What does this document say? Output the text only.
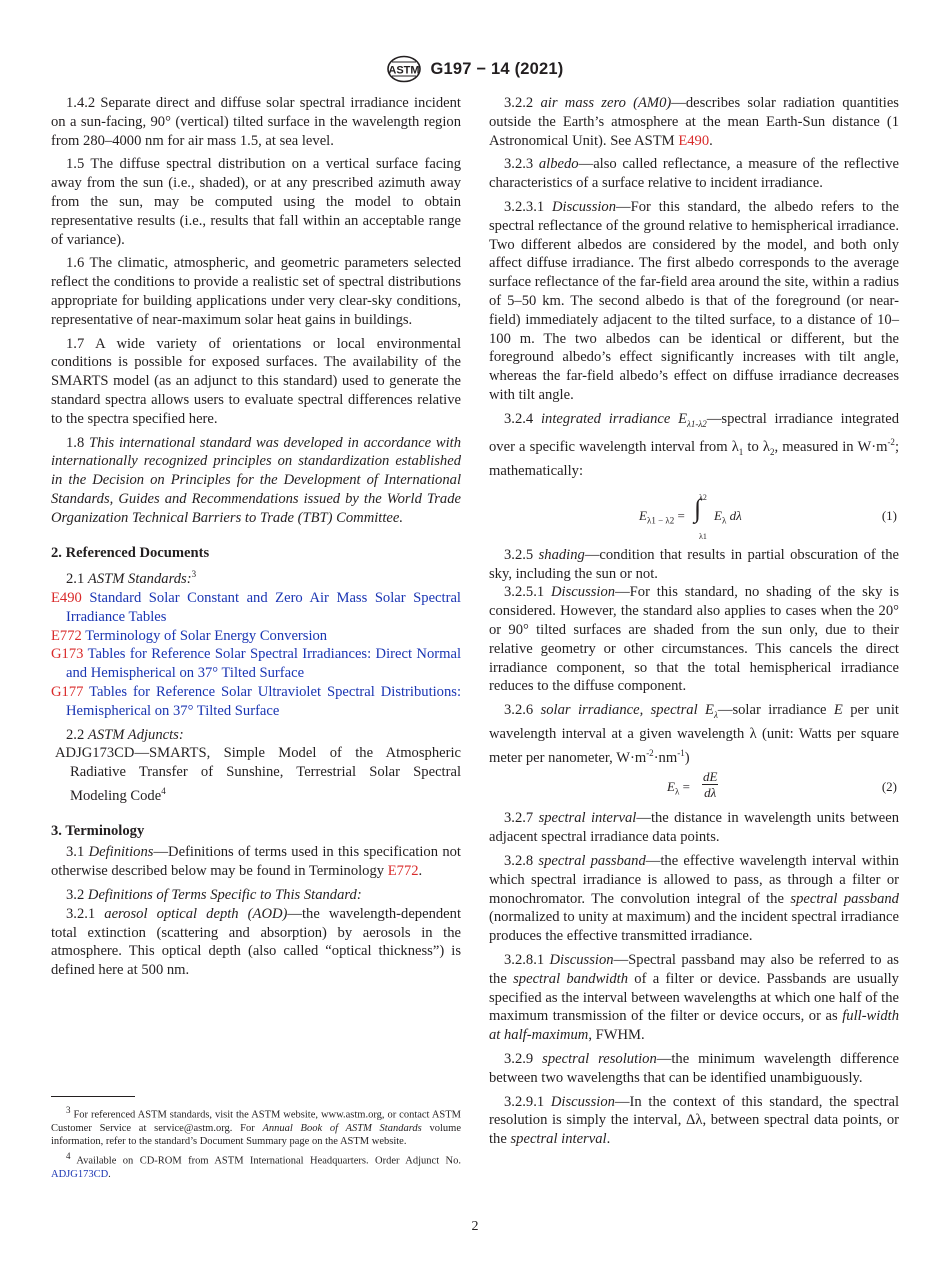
ASTM G197 − 14 (2021)

1.4.2 Separate direct and diffuse solar spectral irradiance incident on a sun-facing, 90° (vertical) tilted surface in the wavelength region from 280–4000 nm for air mass 1.5, at sea level.

1.5 The diffuse spectral distribution on a vertical surface facing away from the sun (i.e., shaded), or at any prescribed azimuth away from the sun, may be computed using the model to obtain representative results (i.e., results that fall within an acceptable range of variance).

1.6 The climatic, atmospheric, and geometric parameters selected reflect the conditions to provide a realistic set of spectral distributions appropriate for building applications under very clear-sky conditions, representative of near-maximum solar heat gains in buildings.

1.7 A wide variety of orientations or local environmental conditions is possible for exposed surfaces. The availability of the SMARTS model (as an adjunct to this standard) used to generate the standard spectra allows users to evaluate spectral differences relative to the spectra specified here.

1.8 This international standard was developed in accordance with internationally recognized principles on standardization established in the Decision on Principles for the Development of International Standards, Guides and Recommendations issued by the World Trade Organization Technical Barriers to Trade (TBT) Committee.

2. Referenced Documents

2.1 ASTM Standards:$^3$

E490 Standard Solar Constant and Zero Air Mass Solar Spectral Irradiance Tables

E772 Terminology of Solar Energy Conversion

G173 Tables for Reference Solar Spectral Irradiances: Direct Normal and Hemispherical on 37° Tilted Surface

G177 Tables for Reference Solar Ultraviolet Spectral Distributions: Hemispherical on 37° Tilted Surface

2.2 ASTM Adjuncts:

ADJG173CD—SMARTS, Simple Model of the Atmospheric Radiative Transfer of Sunshine, Terrestrial Solar Spectral Modeling Code$^4$

3. Terminology

3.1 Definitions—Definitions of terms used in this specification not otherwise described below may be found in Terminology E772.

3.2 Definitions of Terms Specific to This Standard:

3.2.1 aerosol optical depth (AOD)—the wavelength-dependent total extinction (scattering and absorption) by aerosols in the atmosphere. This optical depth (also called “optical thickness”) is defined here at 500 nm.

$^3$ For referenced ASTM standards, visit the ASTM website, www.astm.org, or contact ASTM Customer Service at service@astm.org. For Annual Book of ASTM Standards volume information, refer to the standard’s Document Summary page on the ASTM website.

$^4$ Available on CD-ROM from ASTM International Headquarters. Order Adjunct No. ADJG173CD.

3.2.2 air mass zero (AM0)—describes solar radiation quantities outside the Earth’s atmosphere at the mean Earth-Sun distance (1 Astronomical Unit). See ASTM E490.

3.2.3 albedo—also called reflectance, a measure of the reflective characteristics of a surface relative to incident irradiance.

3.2.3.1 Discussion—For this standard, the albedo refers to the spectral reflectance of the ground relative to hemispherical irradiance. Two different albedos are considered by the model, and both only affect diffuse irradiance. The first albedo corresponds to the average surface reflectance of the far-field area around the site, within a radius of 5–50 km. The second albedo is that of the foreground (or near-field) immediately adjacent to the tilted surface, to a distance of 10–100 m. The two albedos can be identical or different, but the foreground albedo’s effect significantly increases with tilt angle, whereas the far-field albedo’s effect on diffuse irradiance decreases with tilt angle.

3.2.4 integrated irradiance $E_{\lambda 1-\lambda 2}—spectral$ irradiance integrated over a specific wavelength interval from $\lambda_1$ to $\lambda_2$, measured in $W\cdot m^{-2}$; mathematically:

$E_{\lambda 1 - \lambda 2}$ =
λ2
∫
λ1
$E_\lambda$ dλ	(1)

3.2.5 shading—condition that results in partial obscuration of the sky, including the sun or not.

3.2.5.1 Discussion—For this standard, no shading of the sky is considered. However, the standard also applies to cases when the 20° or 90° tilted surfaces are shaded from the sun only, due to their relative geometry or other circumstances. This cancels the direct irradiance component, so that the total hemispherical irradiance reduces to the diffuse component.

3.2.6 solar irradiance, spectral $E_\lambda—solar$ irradiance E per unit wavelength interval at a given wavelength λ (unit: Watts per square meter per nanometer, $W\cdot m^{-2}\cdot nm^{-1}$)

$E_\lambda$ =
dE
dλ	(2)

3.2.7 spectral interval—the distance in wavelength units between adjacent spectral irradiance data points.

3.2.8 spectral passband—the effective wavelength interval within which spectral irradiance is allowed to pass, as through a filter or monochromator. The convolution integral of the spectral passband (normalized to unity at maximum) and the incident spectral irradiance produces the effective transmitted irradiance.

3.2.8.1 Discussion—Spectral passband may also be referred to as the spectral bandwidth of a filter or device. Passbands are usually specified as the interval between wavelengths at which one half of the maximum transmission of the filter or device occurs, or as full-width at half-maximum, FWHM.

3.2.9 spectral resolution—the minimum wavelength difference between two wavelengths that can be identified unambiguously.

3.2.9.1 Discussion—In the context of this standard, the spectral resolution is simply the interval, Δλ, between spectral data points, or the spectral interval.

2
